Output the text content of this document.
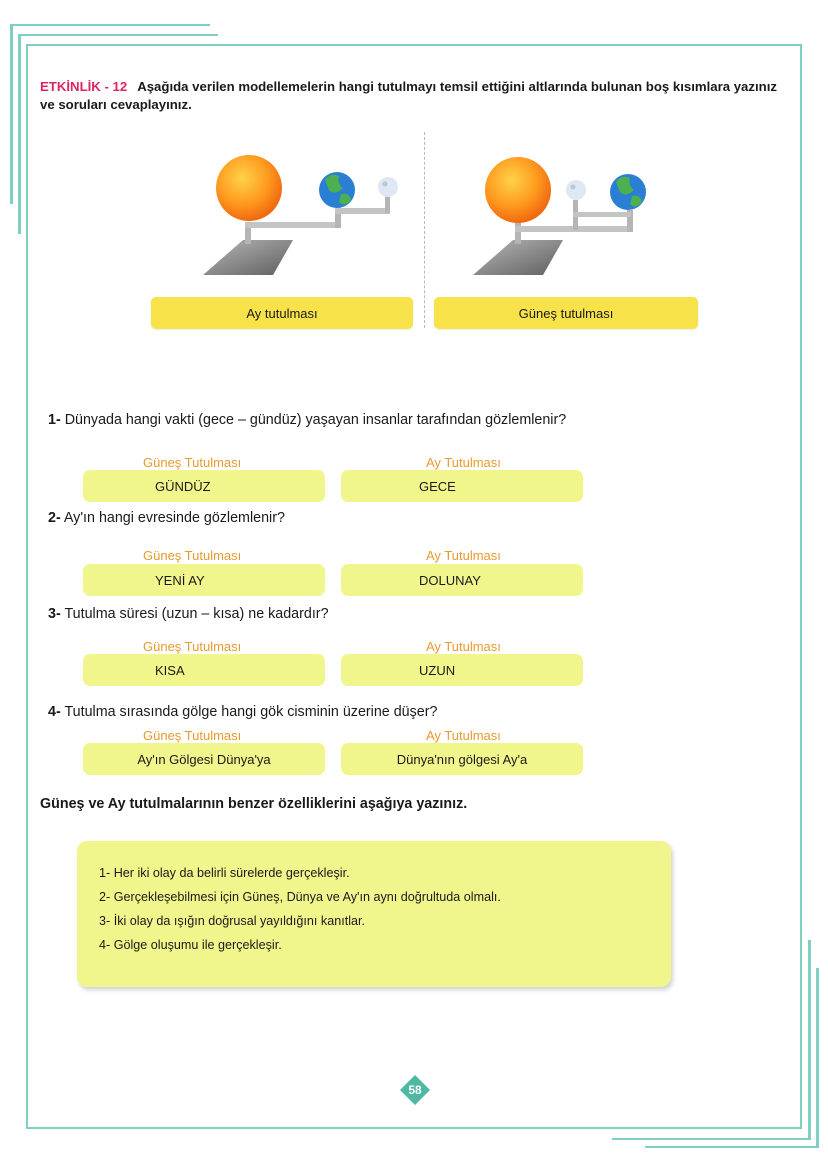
ETKİNLİK - 12 Aşağıda verilen modellemelerin hangi tutulmayı temsil ettiğini altlarında bulunan boş kısımlara yazınız ve soruları cevaplayınız.
Ay tutulması	Güneş tutulması
1- Dünyada hangi vakti (gece – gündüz) yaşayan insanlar tarafından gözlemlenir?
Güneş Tutulması	Ay Tutulması
GÜNDÜZ	GECE
2- Ay'ın hangi evresinde gözlemlenir?
Güneş Tutulması	Ay Tutulması
YENİ AY	DOLUNAY
3- Tutulma süresi (uzun – kısa) ne kadardır?
Güneş Tutulması	Ay Tutulması
KISA	UZUN
4- Tutulma sırasında gölge hangi gök cisminin üzerine düşer?
Güneş Tutulması	Ay Tutulması
Ay'ın Gölgesi Dünya'ya	Dünya'nın gölgesi Ay'a
Güneş ve Ay tutulmalarının benzer özelliklerini aşağıya yazınız.
1- Her iki olay da belirli sürelerde gerçekleşir.
2- Gerçekleşebilmesi için Güneş, Dünya ve Ay'ın aynı doğrultuda olmalı.
3- İki olay da ışığın doğrusal yayıldığını kanıtlar.
4- Gölge oluşumu ile gerçekleşir.
58
